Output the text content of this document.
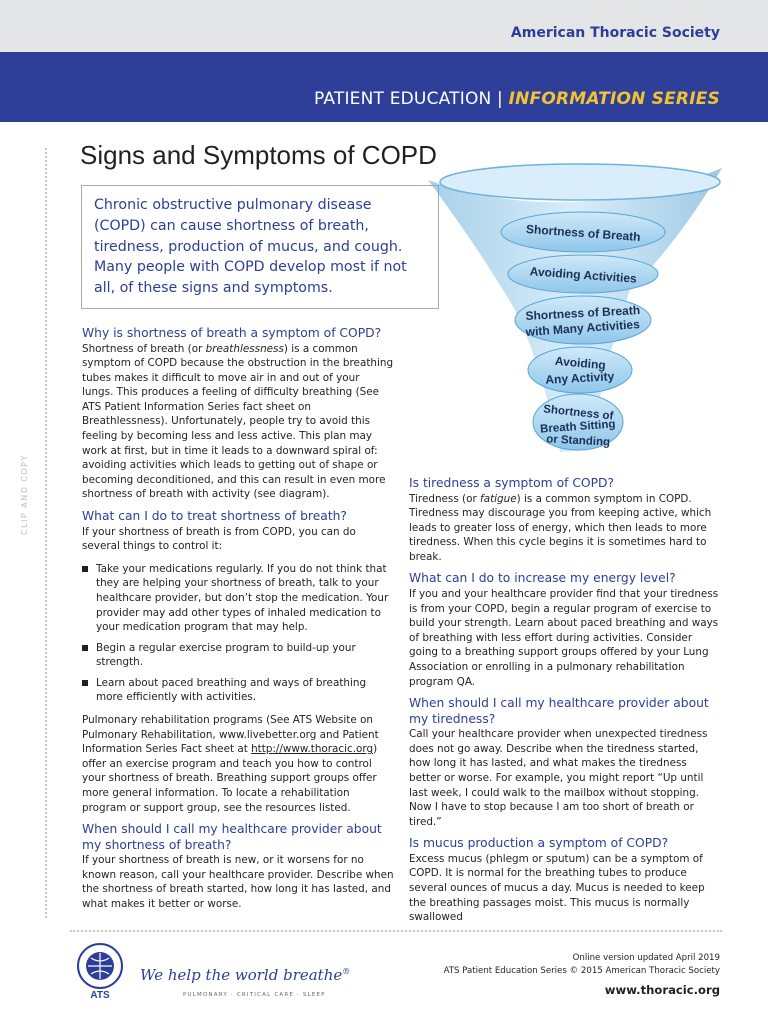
American Thoracic Society
PATIENT EDUCATION | INFORMATION SERIES
CLIP AND COPY
Signs and Symptoms of COPD
Chronic obstructive pulmonary disease (COPD) can cause shortness of breath, tiredness, production of mucus, and cough. Many people with COPD develop most if not all, of these signs and symptoms.
Shortness of Breath
Avoiding Activities
Shortness of Breath
with Many Activities
Avoiding
Any Activity
Shortness of
Breath Sitting
or Standing
Why is shortness of breath a symptom of COPD?

Shortness of breath (or breathlessness) is a common symptom of COPD because the obstruction in the breathing tubes makes it difficult to move air in and out of your lungs. This produces a feeling of difficulty breathing (See ATS Patient Information Series fact sheet on Breathlessness). Unfortunately, people try to avoid this feeling by becoming less and less active. This plan may work at first, but in time it leads to a downward spiral of: avoiding activities which leads to getting out of shape or becoming deconditioned, and this can result in even more shortness of breath with activity (see diagram).

What can I do to treat shortness of breath?

If your shortness of breath is from COPD, you can do several things to control it:

Take your medications regularly. If you do not think that they are helping your shortness of breath, talk to your healthcare provider, but don’t stop the medication. Your provider may add other types of inhaled medication to your medication program that may help.
Begin a regular exercise program to build-up your strength.
Learn about paced breathing and ways of breathing more efficiently with activities.

Pulmonary rehabilitation programs (See ATS Website on Pulmonary Rehabilitation, www.livebetter.org and Patient Information Series Fact sheet at http://www.thoracic.org) offer an exercise program and teach you how to control your shortness of breath. Breathing support groups offer more general information. To locate a rehabilitation program or support group, see the resources listed.

When should I call my healthcare provider about my shortness of breath?

If your shortness of breath is new, or it worsens for no known reason, call your healthcare provider. Describe when the shortness of breath started, how long it has lasted, and what makes it better or worse.

Is tiredness a symptom of COPD?

Tiredness (or fatigue) is a common symptom in COPD. Tiredness may discourage you from keeping active, which leads to greater loss of energy, which then leads to more tiredness. When this cycle begins it is sometimes hard to break.

What can I do to increase my energy level?

If you and your healthcare provider find that your tiredness is from your COPD, begin a regular program of exercise to build your strength. Learn about paced breathing and ways of breathing with less effort during activities. Consider going to a breathing support groups offered by your Lung Association or enrolling in a pulmonary rehabilitation program QA.

When should I call my healthcare provider about my tiredness?

Call your healthcare provider when unexpected tiredness does not go away. Describe when the tiredness started, how long it has lasted, and what makes the tiredness better or worse. For example, you might report “Up until last week, I could walk to the mailbox without stopping. Now I have to stop because I am too short of breath or tired.”

Is mucus production a symptom of COPD?

Excess mucus (phlegm or sputum) can be a symptom of COPD. It is normal for the breathing tubes to produce several ounces of mucus a day. Mucus is needed to keep the breathing passages moist. This mucus is normally swallowed

ATS
We help the world breathe®
PULMONARY · CRITICAL CARE · SLEEP
Online version updated April 2019
ATS Patient Education Series © 2015 American Thoracic Society
www.thoracic.org
